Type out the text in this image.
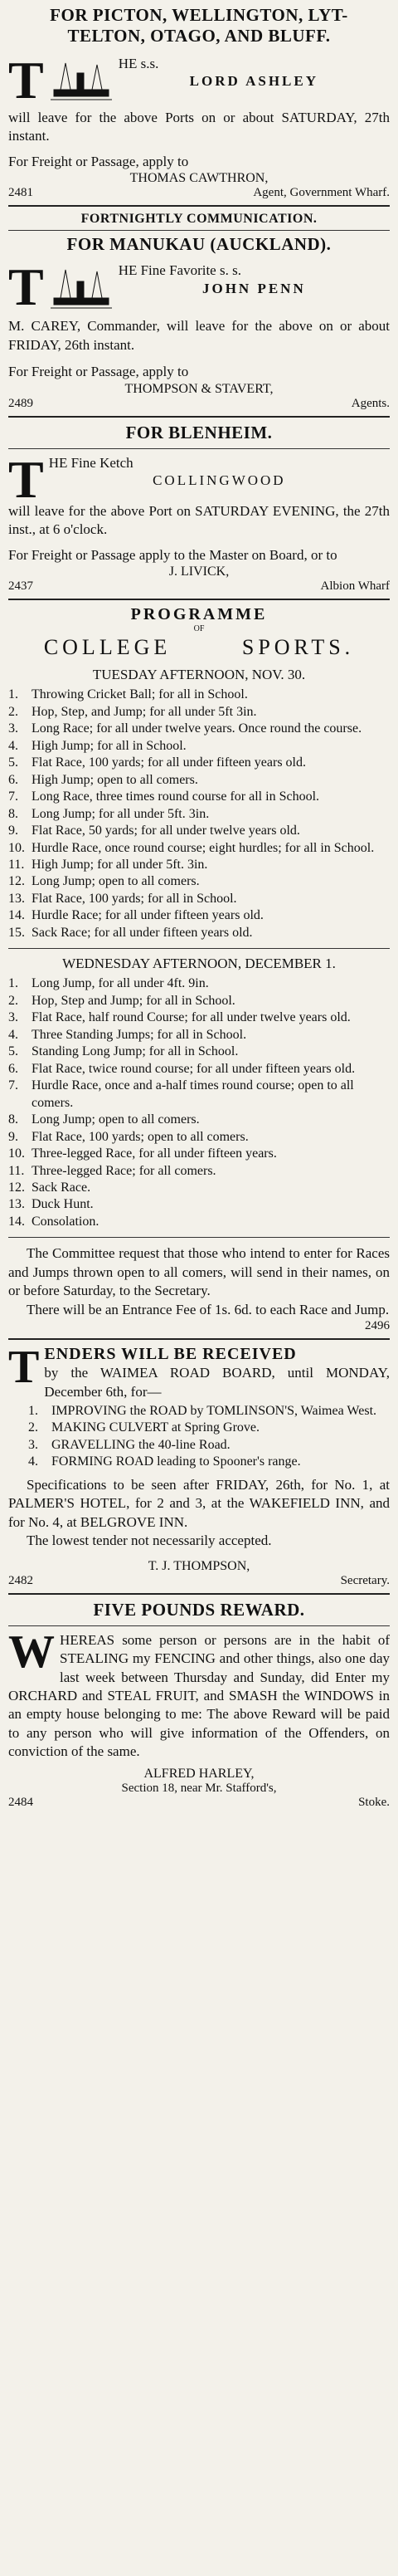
FOR PICTON, WELLINGTON, LYT-
TELTON, OTAGO, AND BLUFF.
T	HE s.s.

LORD ASHLEY

will leave for the above Ports on or about SATURDAY, 27th instant.

For Freight or Passage, apply to

THOMAS CAWTHRON,

2481	Agent, Government Wharf.
FORTNIGHTLY COMMUNICATION.
FOR MANUKAU (AUCKLAND).
T	HE Fine Favorite s. s.

JOHN PENN

M. CAREY, Commander, will leave for the above on or about FRIDAY, 26th instant.

For Freight or Passage, apply to

THOMPSON & STAVERT,

2489	Agents.
FOR BLENHEIM.
T HE Fine Ketch

COLLINGWOOD

will leave for the above Port on SATURDAY EVENING, the 27th inst., at 6 o'clock.

For Freight or Passage apply to the Master on Board, or to

J. LIVICK,

2437	Albion Wharf
PROGRAMME
OF
COLLEGE	SPORTS.
TUESDAY AFTERNOON, NOV. 30.
1.	Throwing Cricket Ball; for all in School.
2.	Hop, Step, and Jump; for all under 5ft 3in.
3.	Long Race; for all under twelve years. Once round the course.
4.	High Jump; for all in School.
5.	Flat Race, 100 yards; for all under fifteen years old.
6.	High Jump; open to all comers.
7.	Long Race, three times round course for all in School.
8.	Long Jump; for all under 5ft. 3in.
9.	Flat Race, 50 yards; for all under twelve years old.
10. Hurdle Race, once round course; eight hurdles; for all in School.
11. High Jump; for all under 5ft. 3in.
12. Long Jump; open to all comers.
13. Flat Race, 100 yards; for all in School.
14. Hurdle Race; for all under fifteen years old.
15. Sack Race; for all under fifteen years old.
WEDNESDAY AFTERNOON, DECEMBER 1.
1.	Long Jump, for all under 4ft. 9in.
2.	Hop, Step and Jump; for all in School.
3.	Flat Race, half round Course; for all under twelve years old.
4.	Three Standing Jumps; for all in School.
5.	Standing Long Jump; for all in School.
6.	Flat Race, twice round course; for all under fifteen years old.
7.	Hurdle Race, once and a-half times round course; open to all comers.
8.	Long Jump; open to all comers.
9.	Flat Race, 100 yards; open to all comers.
10. Three-legged Race, for all under fifteen years.
11. Three-legged Race; for all comers.
12. Sack Race.
13. Duck Hunt.
14. Consolation.

The Committee request that those who intend to enter for Races and Jumps thrown open to all comers, will send in their names, on or before Saturday, to the Secretary.

There will be an Entrance Fee of 1s. 6d. to each Race and Jump.

2496
T ENDERS WILL BE RECEIVED

by the WAIMEA ROAD BOARD, until MONDAY, December 6th, for—

1.	IMPROVING the ROAD by TOMLINSON'S, Waimea West.
2.	MAKING CULVERT at Spring Grove.
3.	GRAVELLING the 40-line Road.
4.	FORMING ROAD leading to Spooner's range.

Specifications to be seen after FRIDAY, 26th, for No. 1, at PALMER'S HOTEL, for 2 and 3, at the WAKEFIELD INN, and for No. 4, at BELGROVE INN.

The lowest tender not necessarily accepted.

T. J. THOMPSON,

2482	Secretary.
FIVE POUNDS REWARD.
W HEREAS some person or persons are in the habit of STEALING my FENCING and other things, also one day last week between Thursday and Sunday, did Enter my ORCHARD and STEAL FRUIT, and SMASH the WINDOWS in an empty house belonging to me: The above Reward will be paid to any person who will give information of the Offenders, on conviction of the same.

ALFRED HARLEY,

Section 18, near Mr. Stafford's,

2484	Stoke.
